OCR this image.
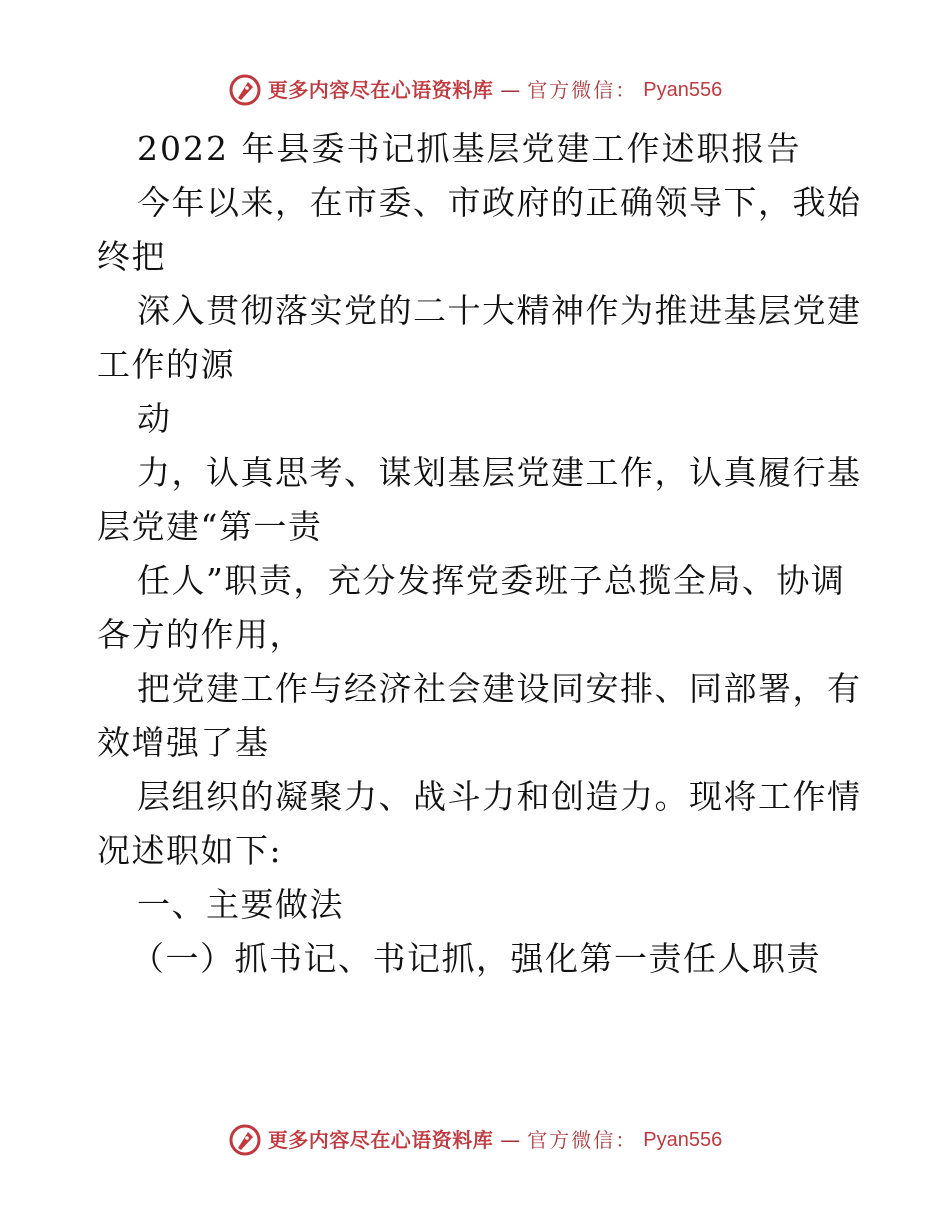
更多内容尽在心语资料库 — 官方微信： Pyan556
2022 年县委书记抓基层党建工作述职报告
今年以来，在市委、市政府的正确领导下，我始
终把
深入贯彻落实党的二十大精神作为推进基层党建
工作的源
动
力，认真思考、谋划基层党建工作，认真履行基
层党建“第一责
任人”职责，充分发挥党委班子总揽全局、协调
各方的作用，
把党建工作与经济社会建设同安排、同部署，有
效增强了基
层组织的凝聚力、战斗力和创造力。现将工作情
况述职如下:
一、主要做法
（一）抓书记、书记抓，强化第一责任人职责
更多内容尽在心语资料库 — 官方微信： Pyan556
